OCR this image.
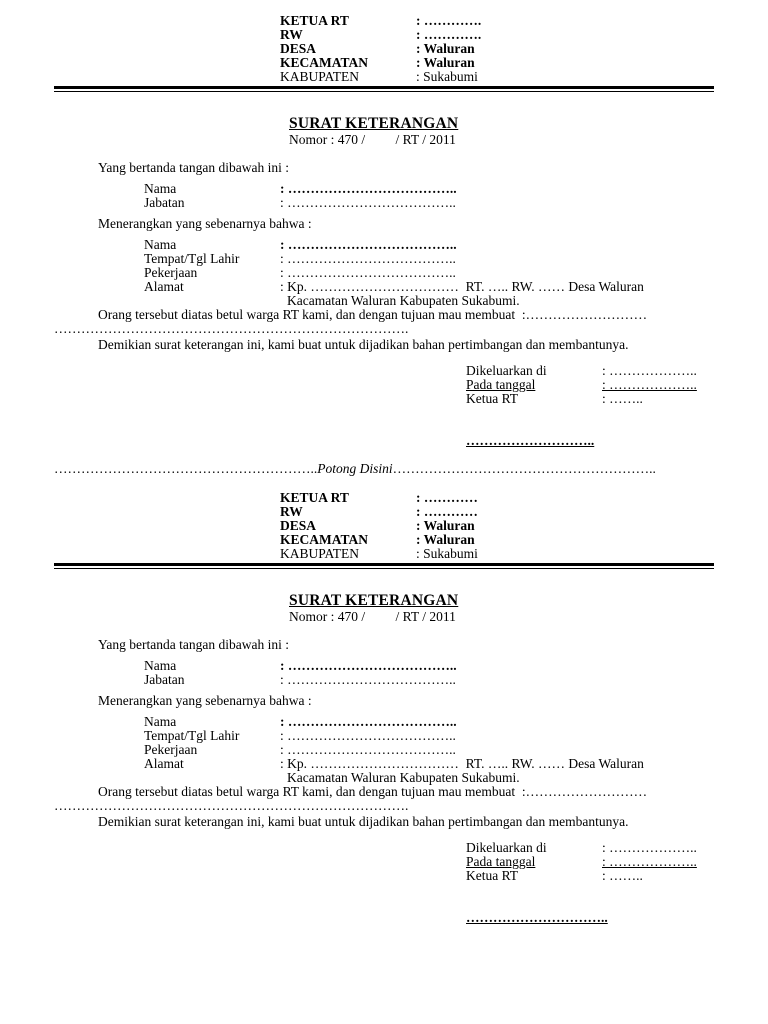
KETUA RT	: ………….
RW	: ………….
DESA	: Waluran
KECAMATAN	: Waluran
KABUPATEN	: Sukabumi
SURAT KETERANGAN
Nomor : 470 /         / RT / 2011
Yang bertanda tangan dibawah ini :
Nama	: ………………………………..
Jabatan	: ………………………………..
Menerangkan yang sebenarnya bahwa :
Nama	: ………………………………..
Tempat/Tgl Lahir	: ………………………………..
Pekerjaan	: ………………………………..
Alamat	: Kp. ……………………………  RT. ….. RW. …… Desa Waluran
Kacamatan Waluran Kabupaten Sukabumi.
Orang tersebut diatas betul warga RT kami, dan dengan tujuan mau membuat  :………………………
…………………………………………………………………….
Demikian surat keterangan ini, kami buat untuk dijadikan bahan pertimbangan dan membantunya.
Dikeluarkan di	: ………………..
Pada tanggal	: ………………..
Ketua RT	: ……..
………………………..
…………………………………………………..Potong Disini…………………………………………………..
KETUA RT	: …………
RW	: …………
DESA	: Waluran
KECAMATAN	: Waluran
KABUPATEN	: Sukabumi
SURAT KETERANGAN
Nomor : 470 /         / RT / 2011
Yang bertanda tangan dibawah ini :
Nama	: ………………………………..
Jabatan	: ………………………………..
Menerangkan yang sebenarnya bahwa :
Nama	: ………………………………..
Tempat/Tgl Lahir	: ………………………………..
Pekerjaan	: ………………………………..
Alamat	: Kp. ……………………………  RT. ….. RW. …… Desa Waluran
Kacamatan Waluran Kabupaten Sukabumi.
Orang tersebut diatas betul warga RT kami, dan dengan tujuan mau membuat  :………………………
…………………………………………………………………….
Demikian surat keterangan ini, kami buat untuk dijadikan bahan pertimbangan dan membantunya.
Dikeluarkan di	: ………………..
Pada tanggal	: ………………..
Ketua RT	: ……..
…………………………..
